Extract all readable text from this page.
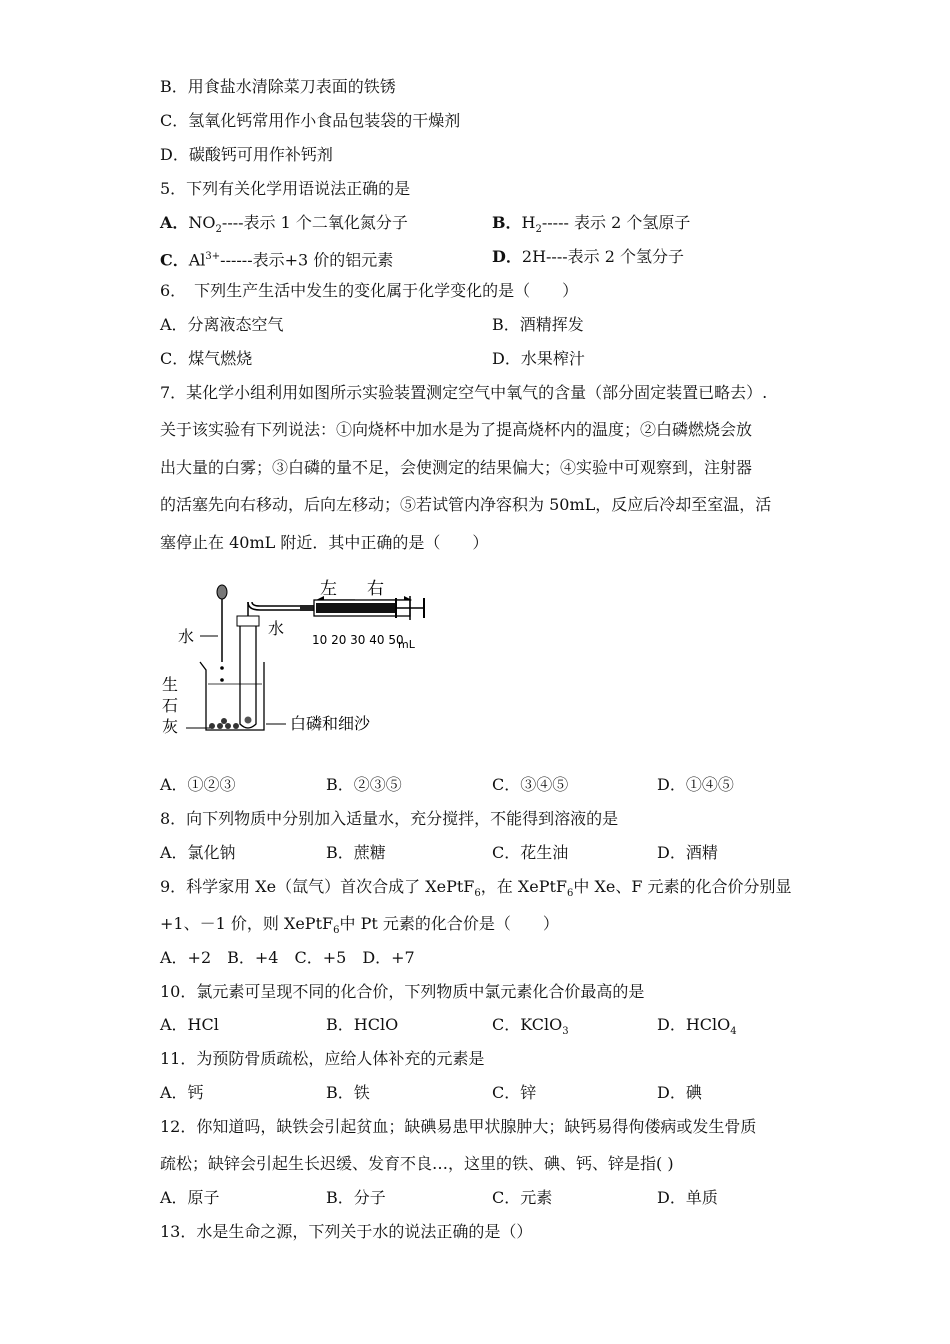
B．用食盐水清除菜刀表面的铁锈
C．氢氧化钙常用作小食品包装袋的干燥剂
D．碳酸钙可用作补钙剂
5．下列有关化学用语说法正确的是
A．$NO_2----$表示 1 个二氧化氮分子	B．$H_2-----$ 表示 2 个氢原子
C．$Al^{3+}------$表示+3 价的铝元素	D．2H----表示 2 个氢分子
6．　下列生产生活中发生的变化属于化学变化的是（　　）
A．分离液态空气	B．酒精挥发
C．煤气燃烧	D．水果榨汁
7．某化学小组利用如图所示实验装置测定空气中氧气的含量（部分固定装置已略去）.
关于该实验有下列说法：①向烧杯中加水是为了提高烧杯内的温度；②白磷燃烧会放
出大量的白雾；③白磷的量不足，会使测定的结果偏大；④实验中可观察到，注射器
的活塞先向右移动，后向左移动；⑤若试管内净容积为 50mL，反应后冷却至室温，活
塞停止在 40mL 附近．其中正确的是（　　）
左 右
水	水
白磷和细沙
生
石
灰
10 20 30 40 50
mL
A．①②③	B．②③⑤	C．③④⑤	D．①④⑤
8．向下列物质中分别加入适量水，充分搅拌，不能得到溶液的是
A．氯化钠	B．蔗糖	C．花生油	D．酒精
9．科学家用 Xe（氙气）首次合成了 XePtF$_6$，在 XePtF$_6$中 Xe、F 元素的化合价分别显
+1、－1 价，则 XePtF$_6$中 Pt 元素的化合价是（　　）
A．+2　B．+4　C．+5　D．+7
10．氯元素可呈现不同的化合价，下列物质中氯元素化合价最高的是
A．HCl	B．HClO	C．KClO$_3$	D．HClO$_4$
11．为预防骨质疏松，应给人体补充的元素是
A．钙	B．铁	C．锌	D．碘
12．你知道吗，缺铁会引起贫血；缺碘易患甲状腺肿大；缺钙易得佝偻病或发生骨质
疏松；缺锌会引起生长迟缓、发育不良…，这里的铁、碘、钙、锌是指( )
A．原子	B．分子	C．元素	D．单质
13．水是生命之源，下列关于水的说法正确的是（）
